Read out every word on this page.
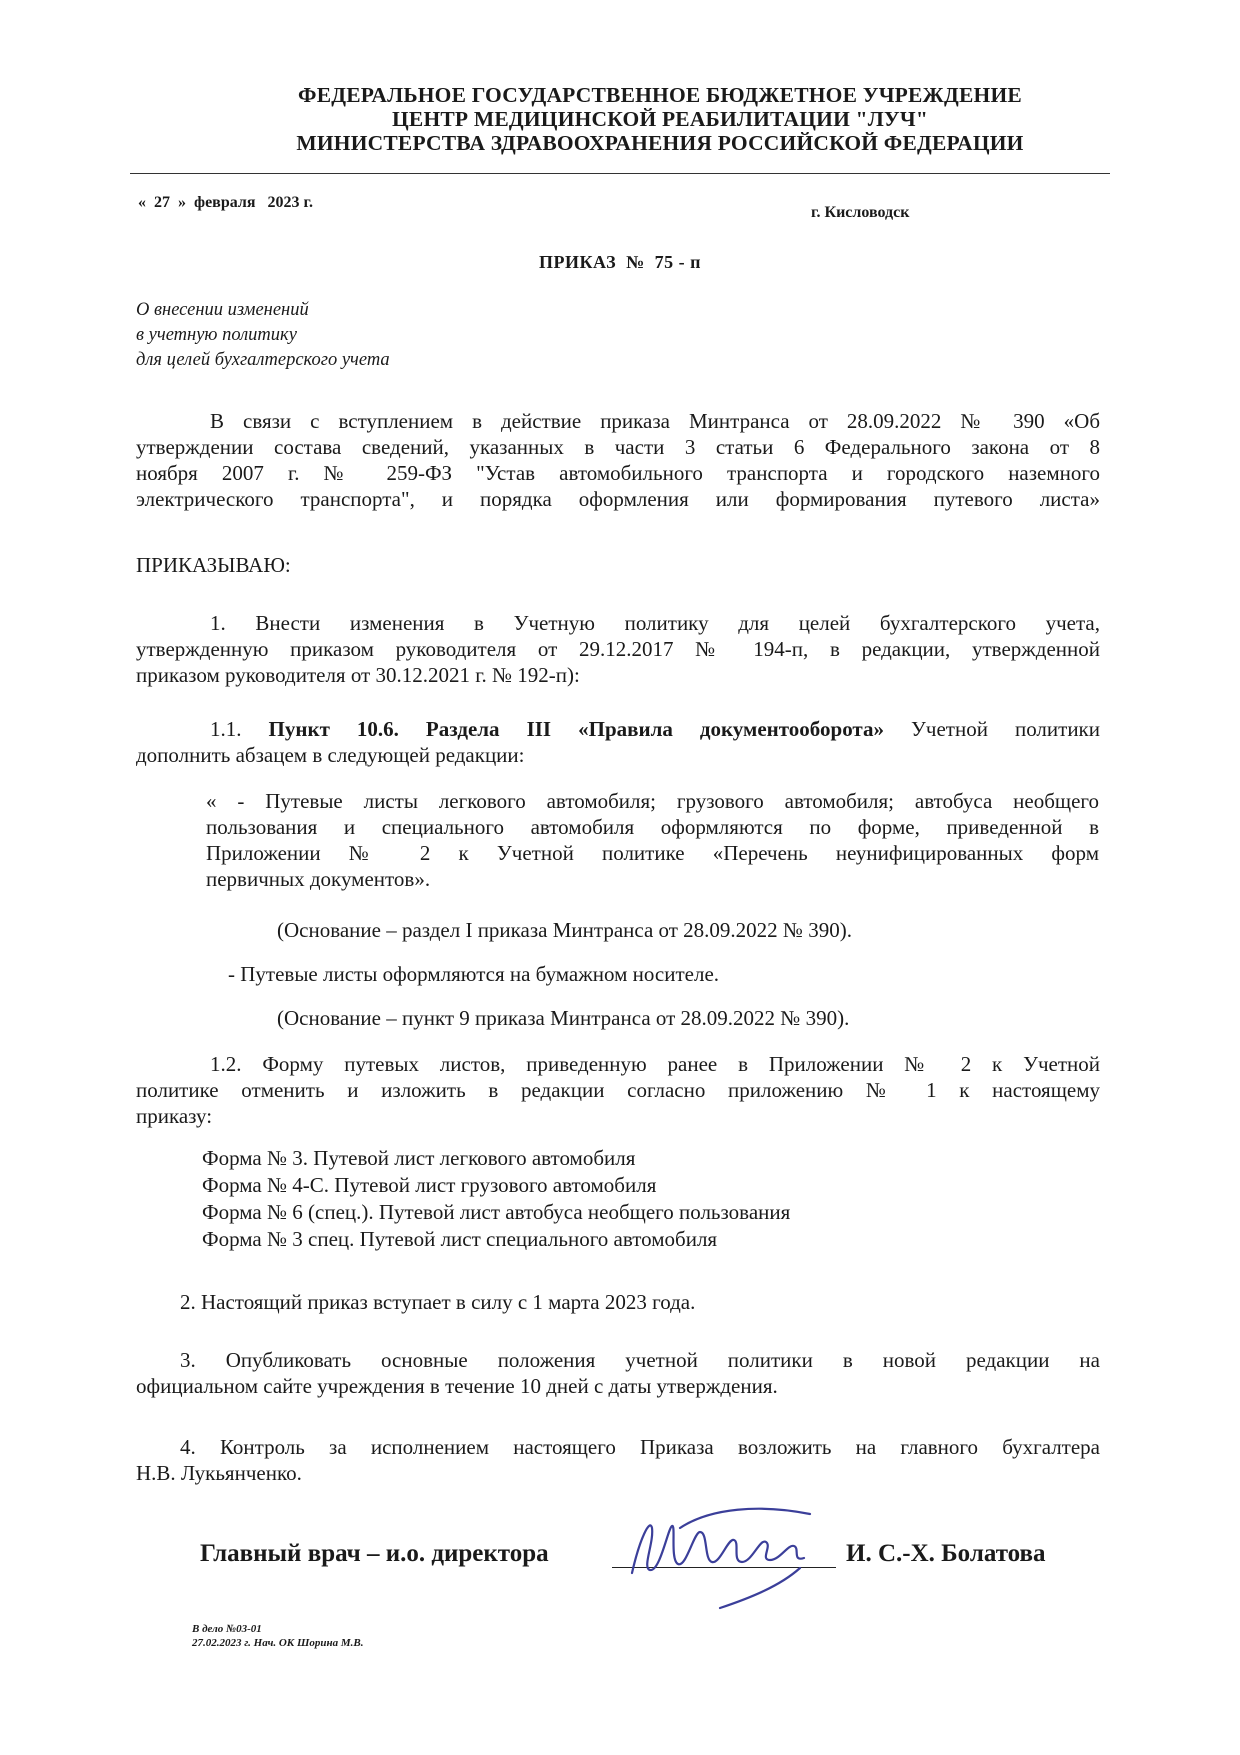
ФЕДЕРАЛЬНОЕ ГОСУДАРСТВЕННОЕ БЮДЖЕТНОЕ УЧРЕЖДЕНИЕ
ЦЕНТР МЕДИЦИНСКОЙ РЕАБИЛИТАЦИИ "ЛУЧ"
МИНИСТЕРСТВА ЗДРАВООХРАНЕНИЯ РОССИЙСКОЙ ФЕДЕРАЦИИ
«  27  »  февраля   2023 г.
г. Кисловодск
ПРИКАЗ  №  75 - п
О внесении изменений
в учетную политику
для целей бухгалтерского учета
В связи с вступлением в действие приказа Минтранса от 28.09.2022 № 390 «Об
утверждении состава сведений, указанных в части 3 статьи 6 Федерального закона от 8
ноября 2007 г. № 259-ФЗ "Устав автомобильного транспорта и городского наземного
электрического транспорта", и порядка оформления или формирования путевого листа»
ПРИКАЗЫВАЮ:
1. Внести изменения в Учетную политику для целей бухгалтерского учета,
утвержденную приказом руководителя от 29.12.2017 № 194-п, в редакции, утвержденной
приказом руководителя от 30.12.2021 г. № 192-п):
1.1. Пункт 10.6. Раздела III «Правила документооборота» Учетной политики
дополнить абзацем в следующей редакции:
« - Путевые листы легкового автомобиля; грузового автомобиля; автобуса необщего
пользования и специального автомобиля оформляются по форме, приведенной в
Приложении № 2 к Учетной политике «Перечень неунифицированных форм
первичных документов».
(Основание – раздел I приказа Минтранса от 28.09.2022 № 390).
- Путевые листы оформляются на бумажном носителе.
(Основание – пункт 9 приказа Минтранса от 28.09.2022 № 390).
1.2. Форму путевых листов, приведенную ранее в Приложении № 2 к Учетной
политике отменить и изложить в редакции согласно приложению № 1 к настоящему
приказу:
Форма № 3. Путевой лист легкового автомобиля
Форма № 4-С. Путевой лист грузового автомобиля
Форма № 6 (спец.). Путевой лист автобуса необщего пользования
Форма № 3 спец. Путевой лист специального автомобиля
2. Настоящий приказ вступает в силу с 1 марта 2023 года.
3. Опубликовать основные положения учетной политики в новой редакции на
официальном сайте учреждения в течение 10 дней с даты утверждения.
4. Контроль за исполнением настоящего Приказа возложить на главного бухгалтера
Н.В. Лукьянченко.
Главный врач – и.о. директора	И. С.-Х. Болатова
В дело №03-01
27.02.2023 г. Нач. ОК Шорина М.В.
